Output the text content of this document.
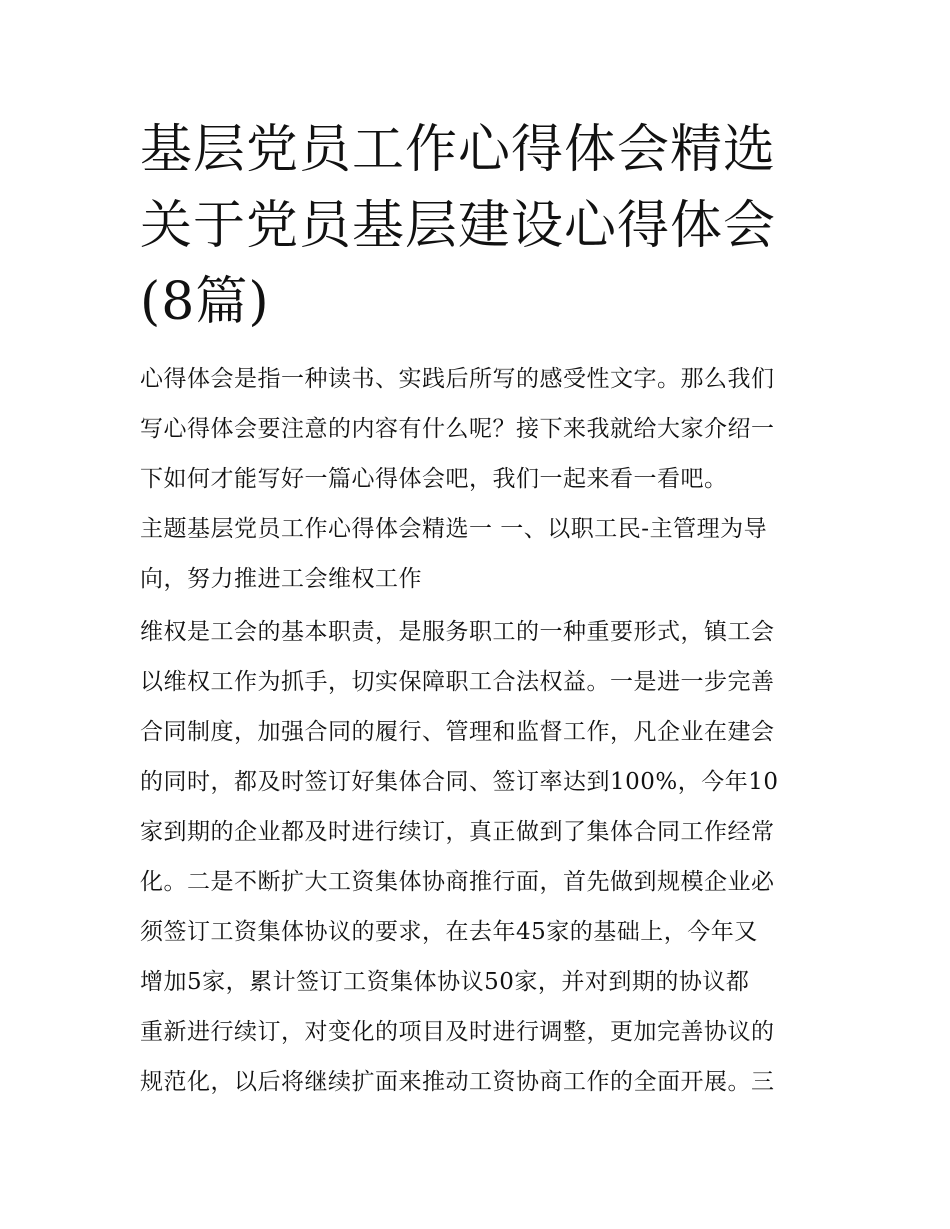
基层党员工作心得体会精选 关于党员基层建设心得体会(8篇)
心得体会是指一种读书、实践后所写的感受性文字。那么我们
写心得体会要注意的内容有什么呢？接下来我就给大家介绍一
下如何才能写好一篇心得体会吧，我们一起来看一看吧。
主题基层党员工作心得体会精选一 一、以职工民-主管理为导
向，努力推进工会维权工作
维权是工会的基本职责，是服务职工的一种重要形式，镇工会
以维权工作为抓手，切实保障职工合法权益。一是进一步完善
合同制度，加强合同的履行、管理和监督工作，凡企业在建会
的同时，都及时签订好集体合同、签订率达到100%，今年10
家到期的企业都及时进行续订，真正做到了集体合同工作经常
化。二是不断扩大工资集体协商推行面，首先做到规模企业必
须签订工资集体协议的要求，在去年45家的基础上，今年又
增加5家，累计签订工资集体协议50家，并对到期的协议都
重新进行续订，对变化的项目及时进行调整，更加完善协议的
规范化，以后将继续扩面来推动工资协商工作的全面开展。三
